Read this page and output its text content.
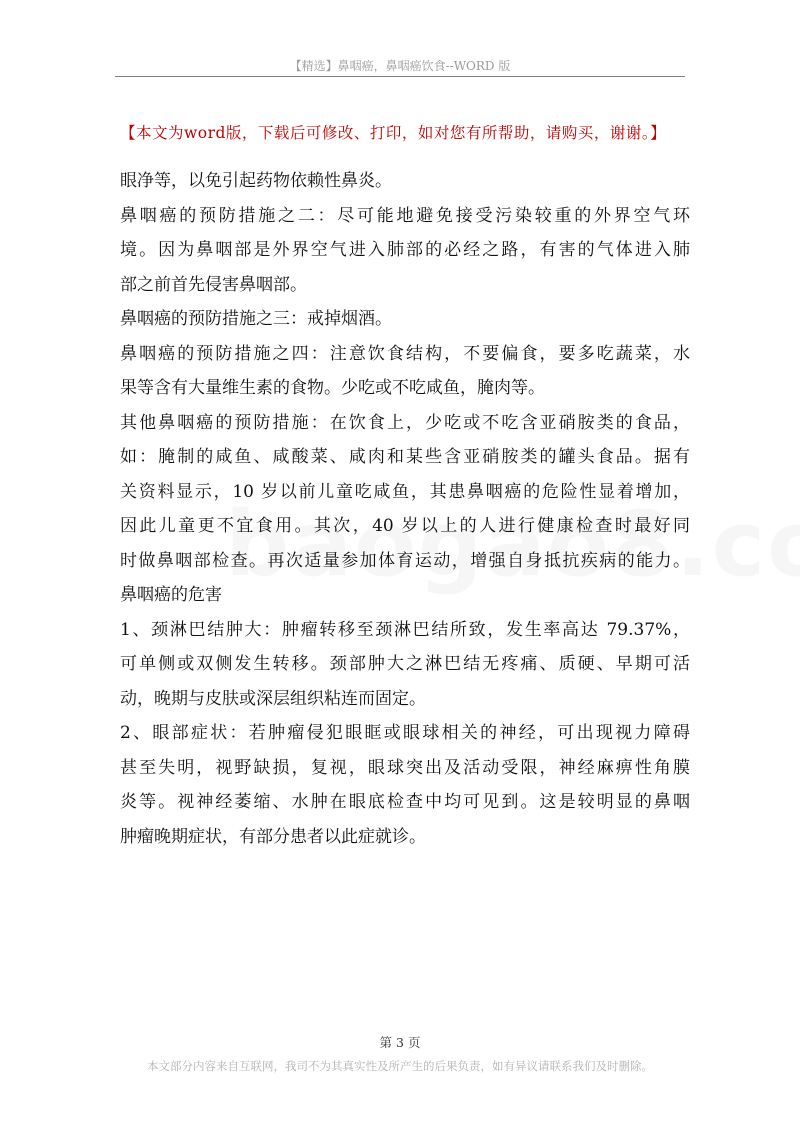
【精选】鼻咽癌，鼻咽癌饮食--WORD 版
【本文为word版，下载后可修改、打印，如对您有所帮助，请购买，谢谢。】
眼净等，以免引起药物依赖性鼻炎。
鼻咽癌的预防措施之二：尽可能地避免接受污染较重的外界空气环
境。因为鼻咽部是外界空气进入肺部的必经之路，有害的气体进入肺
部之前首先侵害鼻咽部。
鼻咽癌的预防措施之三：戒掉烟酒。
鼻咽癌的预防措施之四：注意饮食结构，不要偏食，要多吃蔬菜，水
果等含有大量维生素的食物。少吃或不吃咸鱼，腌肉等。
其他鼻咽癌的预防措施：在饮食上，少吃或不吃含亚硝胺类的食品，
如：腌制的咸鱼、咸酸菜、咸肉和某些含亚硝胺类的罐头食品。据有
关资料显示，10 岁以前儿童吃咸鱼，其患鼻咽癌的危险性显着增加，
因此儿童更不宜食用。其次，40 岁以上的人进行健康检查时最好同
时做鼻咽部检查。再次适量参加体育运动，增强自身抵抗疾病的能力。
鼻咽癌的危害
1、颈淋巴结肿大：肿瘤转移至颈淋巴结所致，发生率高达 79.37%，
可单侧或双侧发生转移。颈部肿大之淋巴结无疼痛、质硬、早期可活
动，晚期与皮肤或深层组织粘连而固定。
2、眼部症状：若肿瘤侵犯眼眶或眼球相关的神经，可出现视力障碍
甚至失明，视野缺损，复视，眼球突出及活动受限，神经麻痹性角膜
炎等。视神经萎缩、水肿在眼底检查中均可见到。这是较明显的鼻咽
肿瘤晚期症状，有部分患者以此症就诊。
第 3 页
本文部分内容来自互联网，我司不为其真实性及所产生的后果负责，如有异议请联系我们及时删除。
